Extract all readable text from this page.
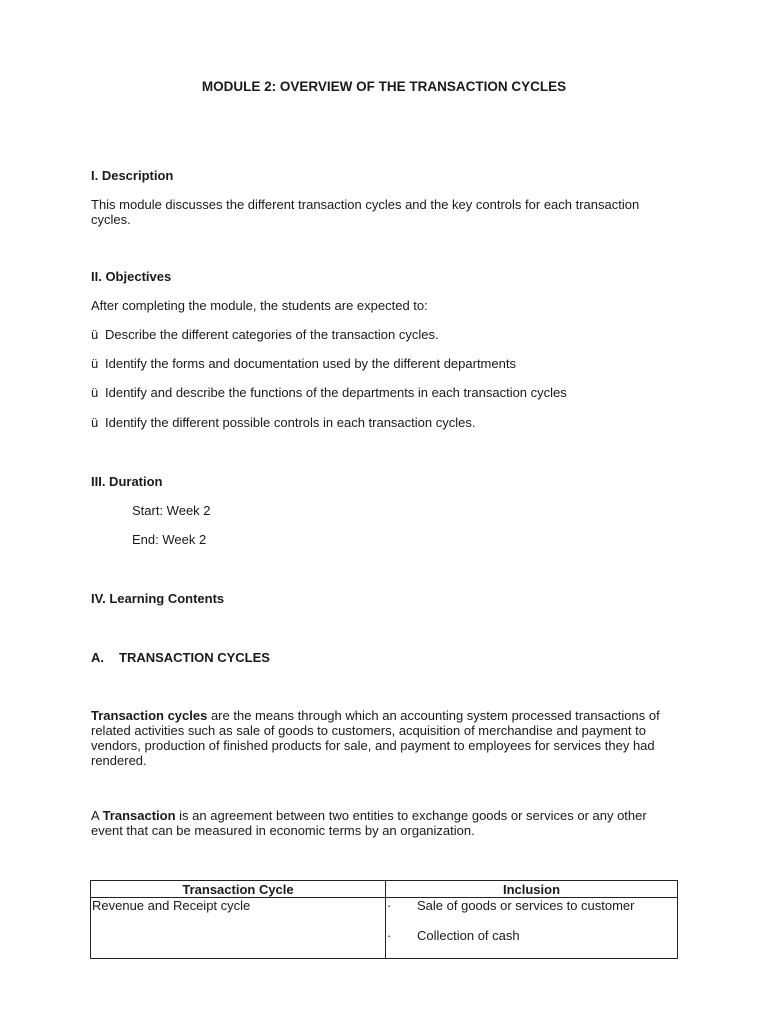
MODULE 2: OVERVIEW OF THE TRANSACTION CYCLES

I. Description

This module discusses the different transaction cycles and the key controls for each transaction cycles.

II. Objectives

After completing the module, the students are expected to:

ü Describe the different categories of the transaction cycles.

ü Identify the forms and documentation used by the different departments

ü Identify and describe the functions of the departments in each transaction cycles

ü Identify the different possible controls in each transaction cycles.

III. Duration

Start: Week 2

End: Week 2

IV. Learning Contents

A. TRANSACTION CYCLES

Transaction cycles are the means through which an accounting system processed transactions of related activities such as sale of goods to customers, acquisition of merchandise and payment to vendors, production of finished products for sale, and payment to employees for services they had rendered.

A Transaction is an agreement between two entities to exchange goods or services or any other event that can be measured in economic terms by an organization.

Transaction Cycle	Inclusion
Revenue and Receipt cycle	· Sale of goods or services to customer
· Collection of cash
